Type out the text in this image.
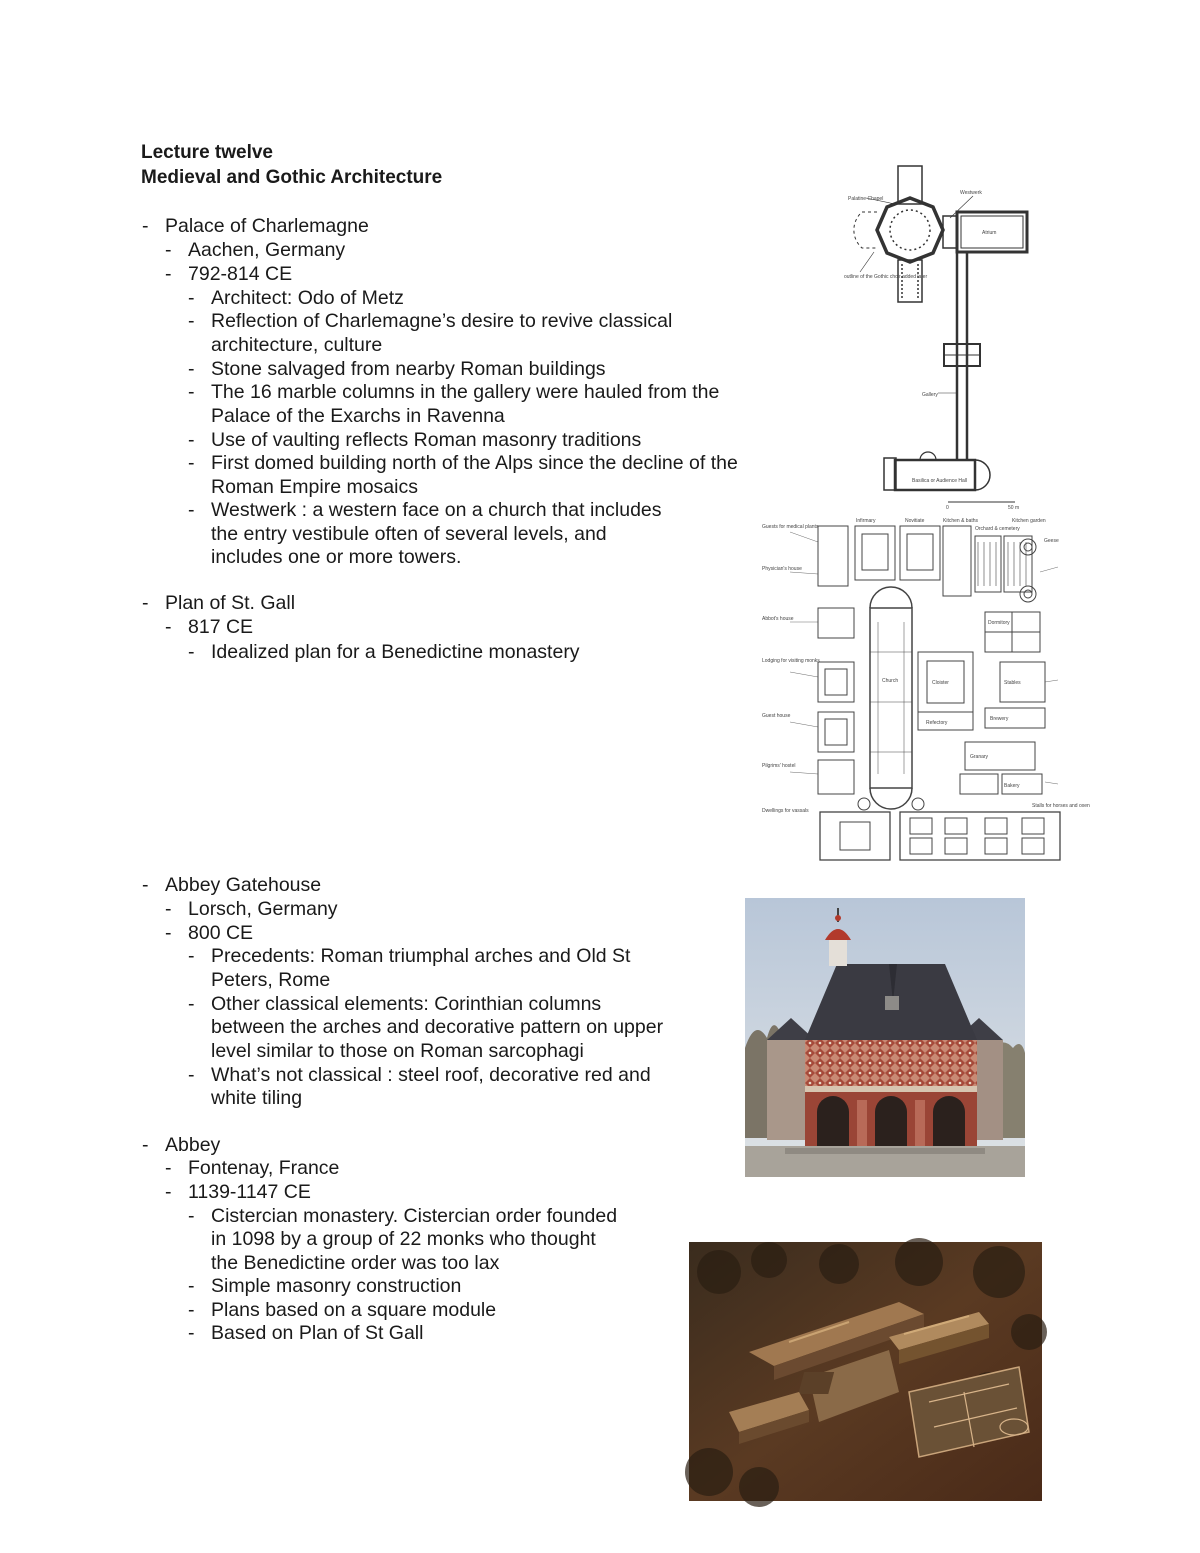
Lecture twelve
Medieval and Gothic Architecture
- Palace of Charlemagne
- Aachen, Germany
- 792-814 CE
- Architect: Odo of Metz
- Reflection of Charlemagne’s desire to revive classical
architecture, culture
- Stone salvaged from nearby Roman buildings
- The 16 marble columns in the gallery were hauled from the
Palace of the Exarchs in Ravenna
- Use of vaulting reflects Roman masonry traditions
- First domed building north of the Alps since the decline of the
Roman Empire mosaics
- Westwerk : a western face on a church that includes
the entry vestibule often of several levels, and
includes one or more towers.
- Plan of St. Gall
- 817 CE
- Idealized plan for a Benedictine monastery
- Abbey Gatehouse
- Lorsch, Germany
- 800 CE
- Precedents: Roman triumphal arches and Old St
Peters, Rome
- Other classical elements: Corinthian columns
between the arches and decorative pattern on upper
level similar to those on Roman sarcophagi
- What’s not classical : steel roof, decorative red and
white tiling
- Abbey
- Fontenay, France
- 1139-1147 CE
- Cistercian monastery. Cistercian order founded
in 1098 by a group of 22 monks who thought
the Benedictine order was too lax
- Simple masonry construction
- Plans based on a square module
- Based on Plan of St Gall
Palatine Chapel
Westwerk
Atrium
outline of the Gothic choir added later
Gallery
Basilica or Audience Hall
0	50 m
Guests for medical plants
Infirmary	Novitiate	Kitchen & baths
Orchard & cemetery
Kitchen garden
Geese
Physician's house
Church	Cloister
Refectory
Dormitory
Stables
Brewery
Granary
Bakery
Lodging for visiting monks
Abbot's house
Guest house
Pilgrims' hostel
Stalls for horses and oxen
Dwellings for vassals
